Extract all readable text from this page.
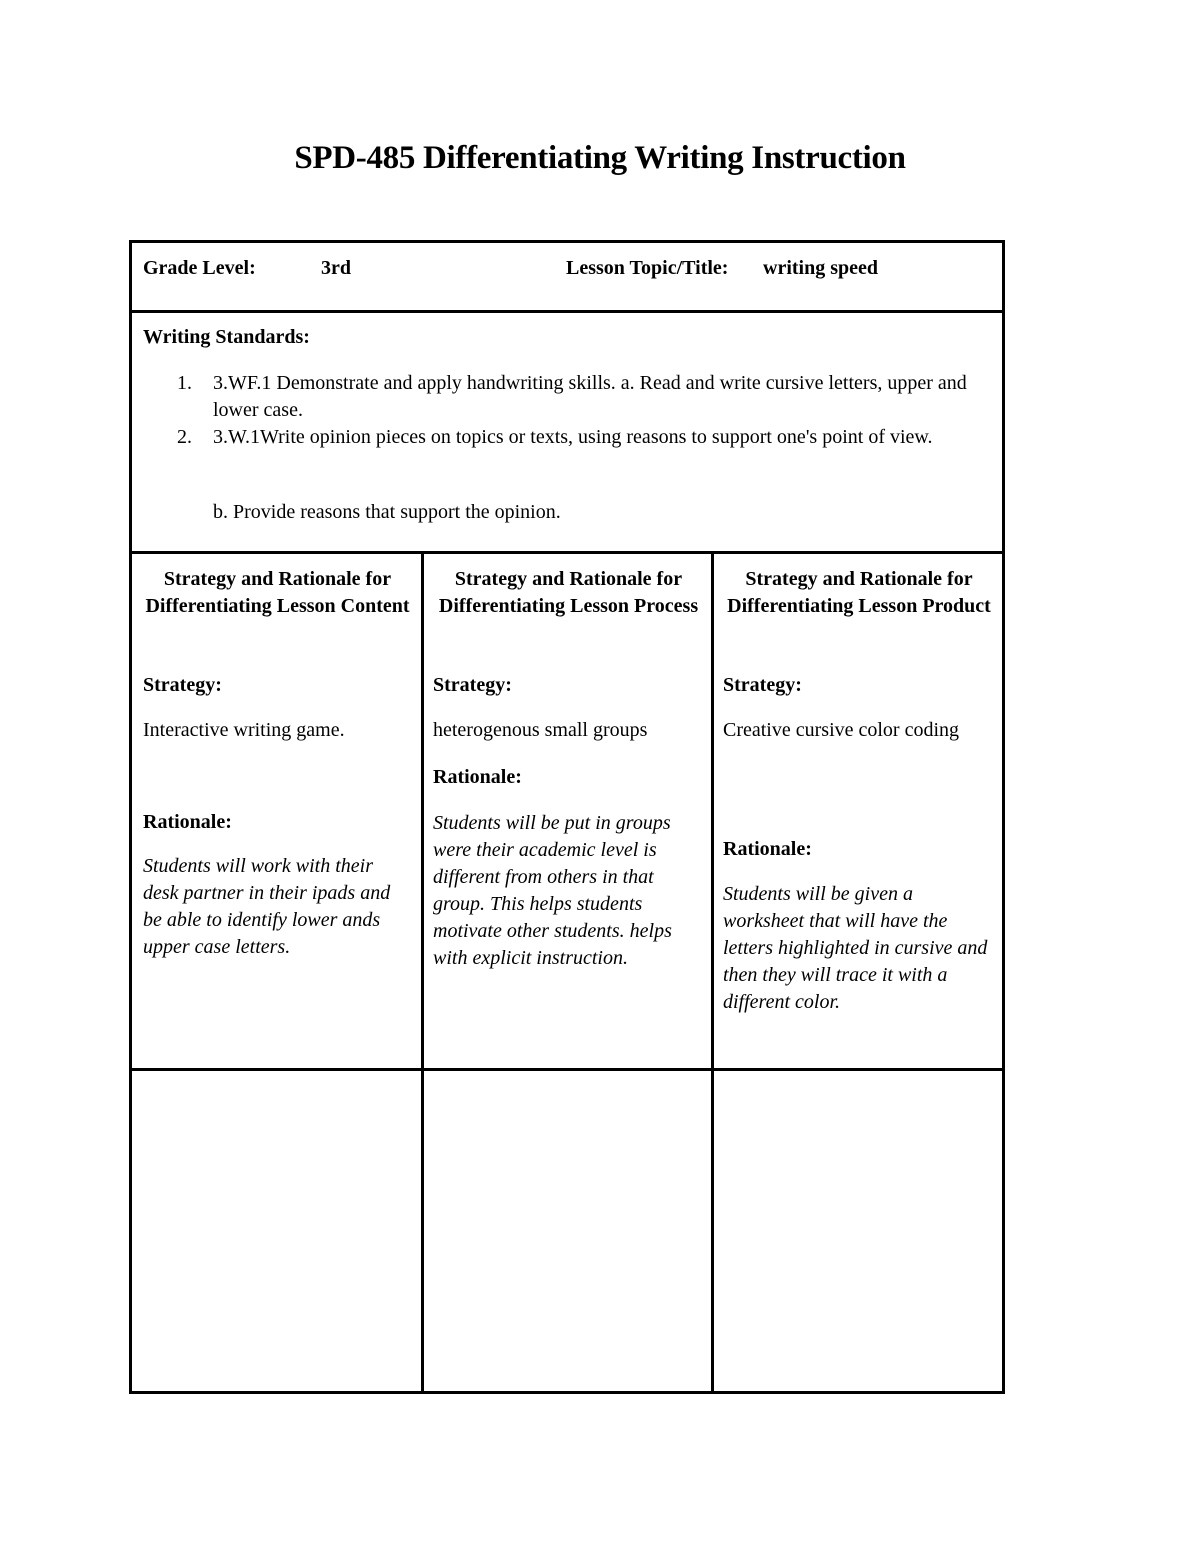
SPD-485 Differentiating Writing Instruction
Grade Level:	3rd	Lesson Topic/Title: writing speed
Writing Standards:
1. 3.WF.1 Demonstrate and apply handwriting skills. a. Read and write cursive letters, upper and lower case.
2. 3.W.1Write opinion pieces on topics or texts, using reasons to support one's point of view.
b. Provide reasons that support the opinion.
Strategy and Rationale for Differentiating Lesson Content
Strategy:
Interactive writing game.
Rationale:
Students will work with their desk partner in their ipads and be able to identify lower ands upper case letters.
Strategy and Rationale for Differentiating Lesson Process
Strategy:
heterogenous small groups
Rationale:
Students will be put in groups were their academic level is different from others in that group. This helps students motivate other students. helps with explicit instruction.
Strategy and Rationale for Differentiating Lesson Product
Strategy:
Creative cursive color coding
Rationale:
Students will be given a worksheet that will have the letters highlighted in cursive and then they will trace it with a different color.
